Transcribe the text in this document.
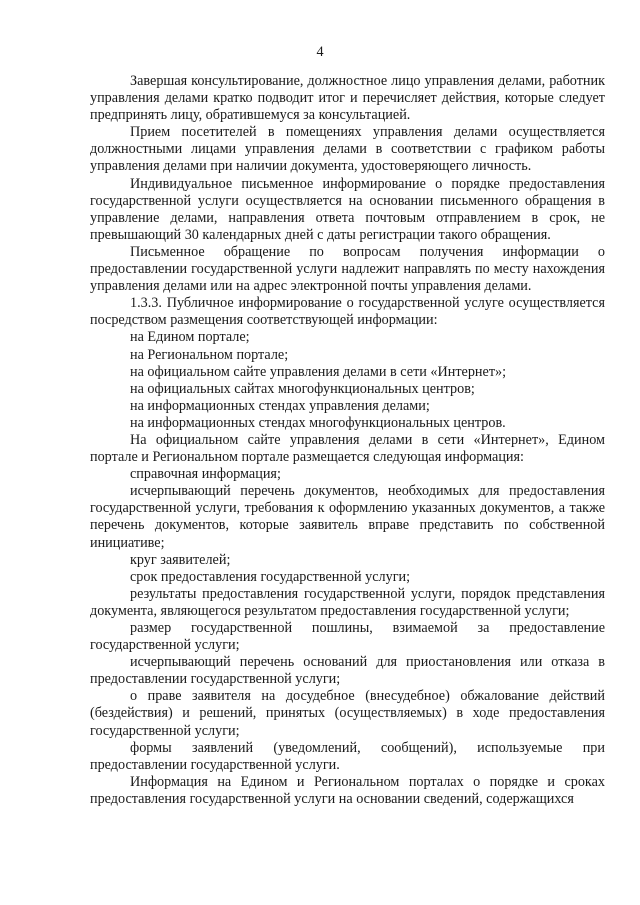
4

Завершая консультирование, должностное лицо управления делами, работник управления делами кратко подводит итог и перечисляет действия, которые следует предпринять лицу, обратившемуся за консультацией.

Прием посетителей в помещениях управления делами осуществляется должностными лицами управления делами в соответствии с графиком работы управления делами при наличии документа, удостоверяющего личность.

Индивидуальное письменное информирование о порядке предоставления государственной услуги осуществляется на основании письменного обращения в управление делами, направления ответа почтовым отправлением в срок, не превышающий 30 календарных дней с даты регистрации такого обращения.

Письменное обращение по вопросам получения информации о предоставлении государственной услуги надлежит направлять по месту нахождения управления делами или на адрес электронной почты управления делами.

1.3.3. Публичное информирование о государственной услуге осуществляется посредством размещения соответствующей информации:

на Едином портале;

на Региональном портале;

на официальном сайте управления делами в сети «Интернет»;

на официальных сайтах многофункциональных центров;

на информационных стендах управления делами;

на информационных стендах многофункциональных центров.

На официальном сайте управления делами в сети «Интернет», Едином портале и Региональном портале размещается следующая информация:

справочная информация;

исчерпывающий перечень документов, необходимых для предоставления государственной услуги, требования к оформлению указанных документов, а также перечень документов, которые заявитель вправе представить по собственной инициативе;

круг заявителей;

срок предоставления государственной услуги;

результаты предоставления государственной услуги, порядок представления документа, являющегося результатом предоставления государственной услуги;

размер государственной пошлины, взимаемой за предоставление государственной услуги;

исчерпывающий перечень оснований для приостановления или отказа в предоставлении государственной услуги;

о праве заявителя на досудебное (внесудебное) обжалование действий (бездействия) и решений, принятых (осуществляемых) в ходе предоставления государственной услуги;

формы заявлений (уведомлений, сообщений), используемые при предоставлении государственной услуги.

Информация на Едином и Региональном порталах о порядке и сроках предоставления государственной услуги на основании сведений, содержащихся
